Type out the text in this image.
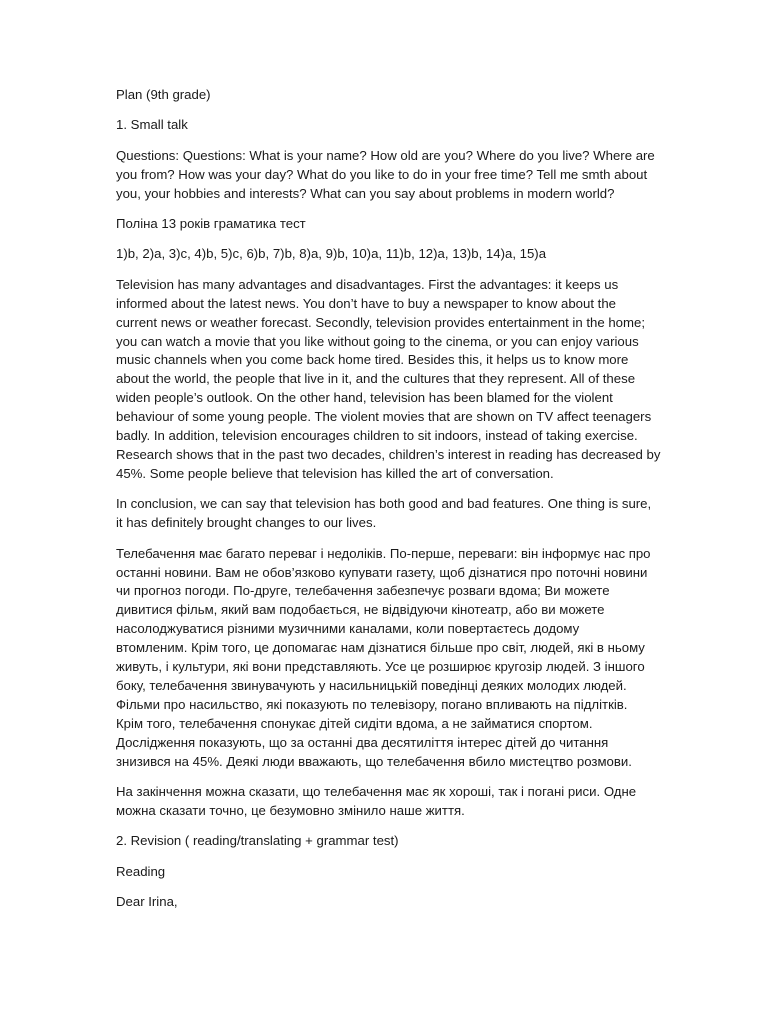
Plan (9th grade)

1. Small talk

Questions: Questions: What is your name? How old are you? Where do you live? Where are
you from? How was your day? What do you like to do in your free time? Tell me smth about
you, your hobbies and interests? What can you say about problems in modern world?

Поліна 13 років граматика тест

1)b, 2)a, 3)c, 4)b, 5)c, 6)b, 7)b, 8)a, 9)b, 10)a, 11)b, 12)a, 13)b, 14)a, 15)a

Television has many advantages and disadvantages. First the advantages: it keeps us
informed about the latest news. You don’t have to buy a newspaper to know about the
current news or weather forecast. Secondly, television provides entertainment in the home;
you can watch a movie that you like without going to the cinema, or you can enjoy various
music channels when you come back home tired. Besides this, it helps us to know more
about the world, the people that live in it, and the cultures that they represent. All of these
widen people’s outlook. On the other hand, television has been blamed for the violent
behaviour of some young people. The violent movies that are shown on TV affect teenagers
badly. In addition, television encourages children to sit indoors, instead of taking exercise.
Research shows that in the past two decades, children’s interest in reading has decreased by
45%. Some people believe that television has killed the art of conversation.

In conclusion, we can say that television has both good and bad features. One thing is sure,
it has definitely brought changes to our lives.

Телебачення має багато переваг і недоліків. По-перше, переваги: він інформує нас про
останні новини. Вам не обов’язково купувати газету, щоб дізнатися про поточні новини
чи прогноз погоди. По-друге, телебачення забезпечує розваги вдома; Ви можете
дивитися фільм, який вам подобається, не відвідуючи кінотеатр, або ви можете
насолоджуватися різними музичними каналами, коли повертаєтесь додому
втомленим. Крім того, це допомагає нам дізнатися більше про світ, людей, які в ньому
живуть, і культури, які вони представляють. Усе це розширює кругозір людей. З іншого
боку, телебачення звинувачують у насильницькій поведінці деяких молодих людей.
Фільми про насильство, які показують по телевізору, погано впливають на підлітків.
Крім того, телебачення спонукає дітей сидіти вдома, а не займатися спортом.
Дослідження показують, що за останні два десятиліття інтерес дітей до читання
знизився на 45%. Деякі люди вважають, що телебачення вбило мистецтво розмови.

На закінчення можна сказати, що телебачення має як хороші, так і погані риси. Одне
можна сказати точно, це безумовно змінило наше життя.

2. Revision ( reading/translating + grammar test)

Reading

Dear Irina,
